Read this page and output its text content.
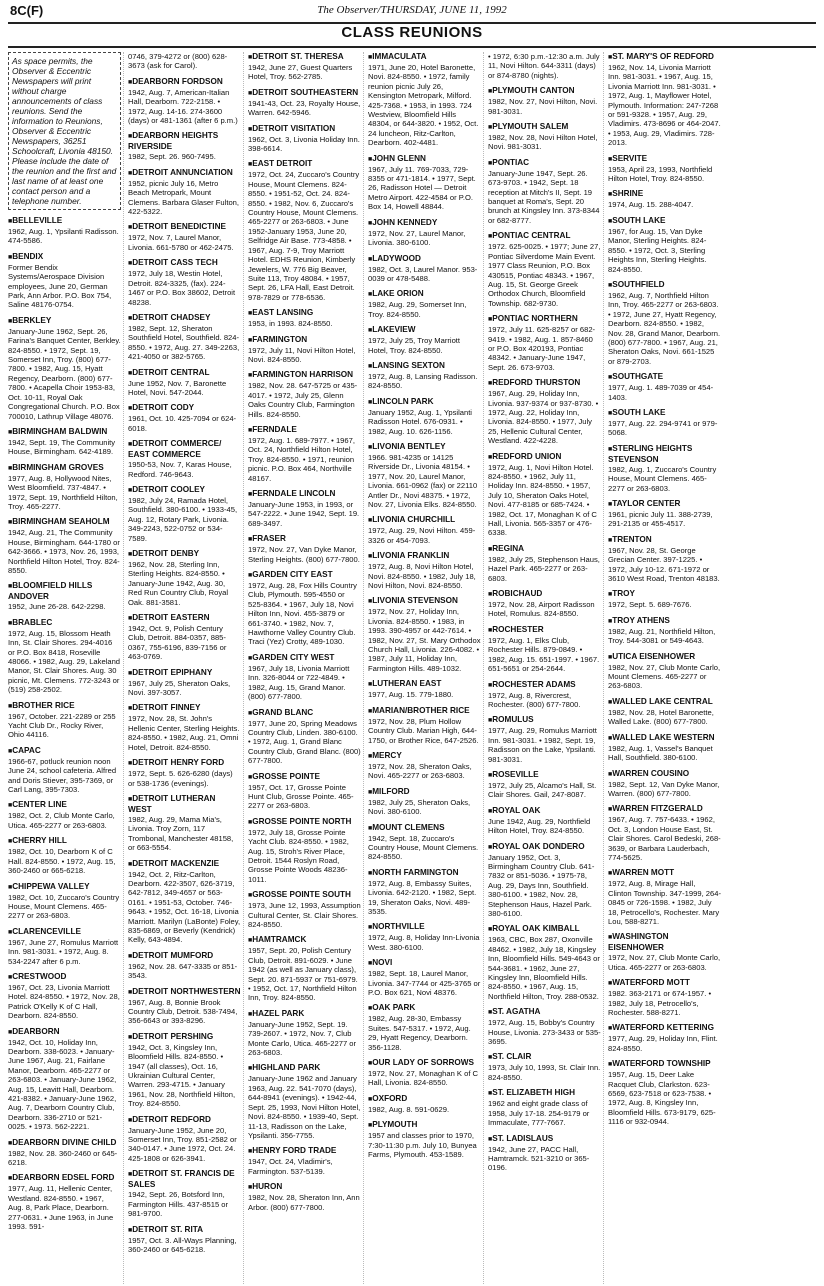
8C(F)	The Observer/THURSDAY, JUNE 11, 1992
CLASS REUNIONS
As space permits, the Observer & Eccentric Newspapers will print without charge announcements of class reunions. Send the information to Reunions, Observer & Eccentric Newspapers, 36251 Schoolcraft, Livonia 48150. Please include the date of the reunion and the first and last name of at least one contact person and a telephone number.
■ BELLEVILLE
1962, Aug. 1, Ypsilanti Radisson. 474-5586.
■ BENDIX
Former Bendix Systems/Aerospace Division employees, June 20, German Park, Ann Arbor. P.O. Box 754, Saline 48176-0754.
■ BERKLEY
January-June 1962, Sept. 26, Farina's Banquet Center, Berkley. 824-8550. • 1972, Sept. 19, Somerset Inn, Troy. (800) 677-7800. • 1982, Aug. 15, Hyatt Regency, Dearborn. (800) 677-7800. • Acapella Choir 1953-83, Oct. 10-11, Royal Oak Congregational Church. P.O. Box 700010, Lathrup Village 48076.
■ BIRMINGHAM BALDWIN
1942, Sept. 19, The Community House, Birmingham. 642-4189.
■ BIRMINGHAM GROVES
1977, Aug. 8, Hollywood Nites, West Bloomfield. 737-4847. • 1972, Sept. 19, Northfield Hilton, Troy. 465-2277.
■ BIRMINGHAM SEAHOLM
1942, Aug. 21, The Community House, Birmingham. 644-1780 or 642-3666. • 1973, Nov. 26, 1993, Northfield Hilton Hotel, Troy. 824-8550.
■ BLOOMFIELD HILLS ANDOVER
1952, June 26-28. 642-2298.
■ BRABLEC
1972, Aug. 15, Blossom Heath Inn, St. Clair Shores. 294-4016 or P.O. Box 8418, Roseville 48066. • 1982, Aug. 29, Lakeland Manor, St. Clair Shores. Aug. 30 picnic, Mt. Clemens. 772-3243 or (519) 258-2502.
■ BROTHER RICE
1967, October. 221-2289 or 255 Yacht Club Dr., Rocky River, Ohio 44116.
■ CAPAC
1966-67, potluck reunion noon June 24, school cafeteria. Alfred and Doris Stiever, 395-7369, or Carl Lang, 395-7303.
■ CENTER LINE
1982, Oct. 2, Club Monte Carlo, Utica. 465-2277 or 263-6803.
■ CHERRY HILL
1982, Oct. 10, Dearborn K of C Hall. 824-8550. • 1972, Aug. 15, 360-2460 or 665-6218.
■ CHIPPEWA VALLEY
1982, Oct. 10, Zuccaro's Country House, Mount Clemens. 465-2277 or 263-6803.
■ CLARENCEVILLE
1967, June 27, Romulus Marriott Inn. 981-3031. • 1972, Aug. 8. 534-2247 after 6 p.m.
■ CRESTWOOD
1967, Oct. 23, Livonia Marriott Hotel. 824-8550. • 1972, Nov. 28, Patrick O'Kelly K of C Hall, Dearborn. 824-8550.
■ DEARBORN
1942, Oct. 10, Holiday Inn, Dearborn. 338-6023. • January-June 1967, Aug. 21, Fairlane Manor, Dearborn. 465-2277 or 263-6803. • January-June 1962, Aug. 15, Leavitt Hall, Dearborn. 421-8382. • January-June 1962, Aug. 7, Dearborn Country Club, Dearborn. 336-2710 or 521-0025. • 1973. 562-2221.
■ DEARBORN DIVINE CHILD
1982, Nov. 28. 360-2460 or 645-6218.
■ DEARBORN EDSEL FORD
1977, Aug. 11, Hellenic Center, Westland. 824-8550. • 1967, Aug. 8, Park Place, Dearborn. 277-0631. • June 1963, in June 1993. 591-
0746, 379-4272 or (800) 628-3673 (ask for Carol).
■ DEARBORN FORDSON
1942, Aug. 7, American-Italian Hall, Dearborn. 722-2158. • 1972, Aug. 14-16. 274-3600 (days) or 481-1361 (after 6 p.m.)
■ DEARBORN HEIGHTS RIVERSIDE
1982, Sept. 26. 960-7495.
■ DETROIT ANNUNCIATION
1952, picnic July 16, Metro Beach Metropark, Mount Clemens. Barbara Glaser Fulton, 422-5322.
■ DETROIT BENEDICTINE
1972, Nov. 7, Laurel Manor, Livonia. 661-5780 or 462-2475.
■ DETROIT CASS TECH
1972, July 18, Westin Hotel, Detroit. 824-3325, (fax). 224-1467 or P.O. Box 38602, Detroit 48238.
■ DETROIT CHADSEY
1982, Sept. 12, Sheraton Southfield Hotel, Southfield. 824-8550. • 1972, Aug. 27. 349-2263, 421-4050 or 382-5765.
■ DETROIT CENTRAL
June 1952, Nov. 7, Baronette Hotel, Novi. 547-2044.
■ DETROIT CODY
1961, Oct. 10. 425-7094 or 624-6018.
■ DETROIT COMMERCE/ EAST COMMERCE
1950-53, Nov. 7, Karas House, Redford. 746-9643.
■ DETROIT COOLEY
1982, July 24, Ramada Hotel, Southfield. 380-6100. • 1933-45, Aug. 12, Rotary Park, Livonia. 349-2243, 522-0752 or 534-7589.
■ DETROIT DENBY
1962, Nov. 28, Sterling Inn, Sterling Heights. 824-8550. • January-June 1942, Aug. 30, Red Run Country Club, Royal Oak. 881-3581.
■ DETROIT EASTERN
1942, Oct. 9, Polish Century Club, Detroit. 884-0357, 885-0367, 755-6196, 839-7156 or 463-0769.
■ DETROIT EPIPHANY
1967, July 25, Sheraton Oaks, Novi. 397-3057.
■ DETROIT FINNEY
1972, Nov. 28, St. John's Hellenic Center, Sterling Heights. 824-8550. • 1982, Aug. 21, Omni Hotel, Detroit. 824-8550.
■ DETROIT HENRY FORD
1972, Sept. 5. 626-6280 (days) or 538-1736 (evenings).
■ DETROIT LUTHERAN WEST
1982, Aug. 29, Mama Mia's, Livonia. Troy Zorn, 117 Trombonal, Manchester 48158, or 663-5554.
■ DETROIT MACKENZIE
1942, Oct. 2, Ritz-Carlton, Dearborn. 422-3507, 626-3719, 642-7812, 349-4657 or 563-0161. • 1951-53, October. 746-9643. • 1952, Oct. 16-18, Livonia Marriott. Marilyn (LaBonte) Foley, 835-6869, or Beverly (Kendrick) Kelly, 643-4894.
■ DETROIT MUMFORD
1962, Nov. 28. 647-3335 or 851-3543.
■ DETROIT NORTHWESTERN
1967, Aug. 8, Bonnie Brook Country Club, Detroit. 538-7494, 356-6643 or 393-8296.
■ DETROIT PERSHING
1942, Oct. 3, Kingsley Inn, Bloomfield Hills. 824-8550. • 1947 (all classes), Oct. 16, Ukrainian Cultural Center, Warren. 293-4715. • January 1961, Nov. 28, Northfield Hilton, Troy. 824-8550.
■ DETROIT REDFORD
January-June 1952, June 20, Somerset Inn, Troy. 851-2582 or 340-0147. • June 1972, Oct. 24. 425-1808 or 626-3941.
■ DETROIT ST. FRANCIS DE SALES
1942, Sept. 26, Botsford Inn, Farmington Hills. 437-8515 or 981-9700.
■ DETROIT ST. RITA
1957, Oct. 3. All-Ways Planning, 360-2460 or 645-6218.
■ DETROIT ST. THERESA
1942, June 27, Guest Quarters Hotel, Troy. 562-2785.
■ DETROIT SOUTHEASTERN
1941-43, Oct. 23, Royalty House, Warren. 642-5946.
■ DETROIT VISITATION
1962, Oct. 3, Livonia Holiday Inn. 398-6614.
■ EAST DETROIT
1972, Oct. 24, Zuccaro's Country House, Mount Clemens. 824-8550. • 1951-52, Oct. 24. 824-8550. • 1982, Nov. 6, Zuccaro's Country House, Mount Clemens. 465-2277 or 263-6803. • June 1952-January 1953, June 20, Selfridge Air Base. 773-4858. • 1967, Aug. 7-9, Troy Marriott Hotel. EDHS Reunion, Kimberly Jewelers, W. 776 Big Beaver, Suite 113, Troy 48084. • 1957, Sept. 26, LFA Hall, East Detroit. 978-7829 or 778-6536.
■ EAST LANSING
1953, in 1993. 824-8550.
■ FARMINGTON
1972, July 11, Novi Hilton Hotel, Novi. 824-8550.
■ FARMINGTON HARRISON
1982, Nov. 28. 647-5725 or 435-4017. • 1972, July 25, Glenn Oaks Country Club, Farmington Hills. 824-8550.
■ FERNDALE
1972, Aug. 1. 689-7977. • 1967, Oct. 24, Northfield Hilton Hotel, Troy. 824-8550. • 1971, reunion picnic. P.O. Box 464, Northville 48167.
■ FERNDALE LINCOLN
January-June 1953, in 1993, or 547-2222. • June 1942, Sept. 19. 689-3497.
■ FRASER
1972, Nov. 27, Van Dyke Manor, Sterling Heights. (800) 677-7800.
■ GARDEN CITY EAST
1972, Aug. 28, Fox Hills Country Club, Plymouth. 595-4550 or 525-8364. • 1967, July 18, Novi Hilton Inn, Novi. 455-3879 or 661-3740. • 1982, Nov. 7, Hawthorne Valley Country Club. Traci (Yez) Crotty, 489-1030.
■ GARDEN CITY WEST
1967, July 18, Livonia Marriott Inn. 326-8044 or 722-4849. • 1982, Aug. 15, Grand Manor. (800) 677-7800.
■ GRAND BLANC
1977, June 20, Spring Meadows Country Club, Linden. 380-6100. • 1972, Aug. 1, Grand Blanc Country Club, Grand Blanc. (800) 677-7800.
■ GROSSE POINTE
1957, Oct. 17, Grosse Pointe Hunt Club, Grosse Pointe. 465-2277 or 263-6803.
■ GROSSE POINTE NORTH
1972, July 18, Grosse Pointe Yacht Club. 824-8550. • 1982, Aug. 15, Stroh's River Place, Detroit. 1544 Roslyn Road, Grosse Pointe Woods 48236-1011.
■ GROSSE POINTE SOUTH
1973, June 12, 1993, Assumption Cultural Center, St. Clair Shores. 824-8550.
■ HAMTRAMCK
1957, Sept. 20, Polish Century Club, Detroit. 891-6029. • June 1942 (as well as January class), Sept. 20. 871-5937 or 751-6979. • 1952, Oct. 17, Northfield Hilton Inn, Troy. 824-8550.
■ HAZEL PARK
January-June 1952, Sept. 19. 739-2607. • 1972, Nov. 7, Club Monte Carlo, Utica. 465-2277 or 263-6803.
■ HIGHLAND PARK
January-June 1962 and January 1963, Aug. 22. 541-7070 (days), 644-8941 (evenings). • 1942-44, Sept. 25, 1993, Novi Hilton Hotel, Novi. 824-8550. • 1939-40, Sept. 11-13, Radisson on the Lake, Ypsilanti. 356-7755.
■ HENRY FORD TRADE
1947, Oct. 24, Vladimir's, Farmington. 537-5139.
■ HURON
1982, Nov. 28, Sheraton Inn, Ann Arbor. (800) 677-7800.
■ IMMACULATA
1971, June 20, Hotel Baronette, Novi. 824-8550. • 1972, family reunion picnic July 26, Kensington Metropark, Milford. 425-7368. • 1953, in 1993. 724 Westview, Bloomfield Hills 48304, or 644-3820. • 1952, Oct. 24 luncheon, Ritz-Carlton, Dearborn. 402-4481.
■ JOHN GLENN
1967, July 11. 769-7033, 729-8355 or 471-1814. • 1977, Sept. 26, Radisson Hotel — Detroit Metro Airport. 422-4584 or P.O. Box 14, Howell 48844.
■ JOHN KENNEDY
1972, Nov. 27, Laurel Manor, Livonia. 380-6100.
■ LADYWOOD
1982, Oct. 3, Laurel Manor. 953-0039 or 478-5488.
■ LAKE ORION
1982, Aug. 29, Somerset Inn, Troy. 824-8550.
■ LAKEVIEW
1972, July 25, Troy Marriott Hotel, Troy. 824-8550.
■ LANSING SEXTON
1972, Aug. 8, Lansing Radisson. 824-8550.
■ LINCOLN PARK
January 1952, Aug. 1, Ypsilanti Radisson Hotel. 676-0931. • 1982, Aug. 10. 626-1156.
■ LIVONIA BENTLEY
1966. 981-4235 or 14125 Riverside Dr., Livonia 48154. • 1977, Nov. 20, Laurel Manor, Livonia. 661-0962 (fax) or 22110 Antler Dr., Novi 48375. • 1972, Nov. 27, Livonia Elks. 824-8550.
■ LIVONIA CHURCHILL
1972, Aug. 29, Novi Hilton. 459-3326 or 454-7093.
■ LIVONIA FRANKLIN
1972, Aug. 8, Novi Hilton Hotel, Novi. 824-8550. • 1982, July 18, Novi Hilton, Novi. 824-8550.
■ LIVONIA STEVENSON
1972, Nov. 27, Holiday Inn, Livonia. 824-8550. • 1983, in 1993. 390-4957 or 442-7614. • 1982, Nov. 27, St. Mary Orthodox Church Hall, Livonia. 226-4082. • 1987, July 11, Holiday Inn, Farmington Hills. 489-1032.
■ LUTHERAN EAST
1977, Aug. 15. 779-1880.
■ MARIAN/BROTHER RICE
1972, Nov. 28, Plum Hollow Country Club. Marian High, 644-1750, or Brother Rice, 647-2526.
■ MERCY
1972, Nov. 28, Sheraton Oaks, Novi. 465-2277 or 263-6803.
■ MILFORD
1982, July 25, Sheraton Oaks, Novi. 380-6100.
■ MOUNT CLEMENS
1942, Sept. 18, Zuccaro's Country House, Mount Clemens. 824-8550.
■ NORTH FARMINGTON
1972, Aug. 8, Embassy Suites, Livonia. 642-2120. • 1982, Sept. 19, Sheraton Oaks, Novi. 489-3535.
■ NORTHVILLE
1972, Aug. 8, Holiday Inn-Livonia West. 380-6100.
■ NOVI
1982, Sept. 18, Laurel Manor, Livonia. 347-7744 or 425-3765 or P.O. Box 621, Novi 48376.
■ OAK PARK
1982, Aug. 28-30, Embassy Suites. 547-5317. • 1972, Aug. 29, Hyatt Regency, Dearborn. 356-1128.
■ OUR LADY OF SORROWS
1972, Nov. 27, Monaghan K of C Hall, Livonia. 824-8550.
■ OXFORD
1982, Aug. 8. 591-0629.
■ PLYMOUTH
1957 and classes prior to 1970, 7:30-11:30 p.m. July 10, Bunyea Farms, Plymouth. 453-1589.
• 1972, 6:30 p.m.-12:30 a.m. July 11, Novi Hilton. 644-3311 (days) or 874-8780 (nights).
■ PLYMOUTH CANTON
1982, Nov. 27, Novi Hilton, Novi. 981-3031.
■ PLYMOUTH SALEM
1982, Nov. 28, Novi Hilton Hotel, Novi. 981-3031.
■ PONTIAC
January-June 1947, Sept. 26. 673-9703. • 1942, Sept. 18 reception at Mitch's II, Sept. 19 banquet at Roma's, Sept. 20 brunch at Kingsley Inn. 373-8344 or 682-8777.
■ PONTIAC CENTRAL
1972. 625-0025. • 1977; June 27, Pontiac Silverdome Main Event. 1977 Class Reunion, P.O. Box 430515, Pontiac 48343. • 1967, Aug. 15, St. George Greek Orthodox Church, Bloomfield Township. 682-9730.
■ PONTIAC NORTHERN
1972, July 11. 625-8257 or 682-9419. • 1982, Aug. 1. 857-8460 or P.O. Box 420193, Pontiac 48342. • January-June 1947, Sept. 26. 673-9703.
■ REDFORD THURSTON
1967, Aug. 29, Holiday Inn, Livonia. 937-9374 or 937-8730. • 1972, Aug. 22, Holiday Inn, Livonia. 824-8550. • 1977, July 25, Hellenic Cultural Center, Westland. 422-4228.
■ REDFORD UNION
1972, Aug. 1, Novi Hilton Hotel. 824-8550. • 1962, July 11, Holiday Inn. 824-8550. • 1957, July 10, Sheraton Oaks Hotel, Novi. 477-8185 or 685-7424. • 1982, Oct. 17, Monaghan K of C Hall, Livonia. 565-3357 or 476-6338.
■ REGINA
1982, July 25, Stephenson Haus, Hazel Park. 465-2277 or 263-6803.
■ ROBICHAUD
1972, Nov. 28, Airport Radisson Hotel, Romulus. 824-8550.
■ ROCHESTER
1972, Aug. 1, Elks Club, Rochester Hills. 879-0849. • 1982, Aug. 15. 651-1997. • 1967. 651-5651 or 254-2644.
■ ROCHESTER ADAMS
1972, Aug. 8, Rivercrest, Rochester. (800) 677-7800.
■ ROMULUS
1977, Aug. 29, Romulus Marriott Inn. 981-3031. • 1982, Sept. 19, Radisson on the Lake, Ypsilanti. 981-3031.
■ ROSEVILLE
1972, July 25, Alcamo's Hall, St. Clair Shores. Gail, 247-8087.
■ ROYAL OAK
June 1942, Aug. 29, Northfield Hilton Hotel, Troy. 824-8550.
■ ROYAL OAK DONDERO
January 1952, Oct. 3, Birmingham Country Club. 641-7832 or 851-5036. • 1975-78, Aug. 29, Days Inn, Southfield. 380-6100. • 1982, Nov. 28, Stephenson Haus, Hazel Park. 380-6100.
■ ROYAL OAK KIMBALL
1963, CBC, Box 287, Oxonville 48462. • 1982, July 18, Kingsley Inn, Bloomfield Hills. 549-4643 or 544-3681. • 1962, June 27, Kingsley Inn, Bloomfield Hills. 824-8550. • 1967, Aug. 15, Northfield Hilton, Troy. 288-0532.
■ ST. AGATHA
1972, Aug. 15, Bobby's Country House, Livonia. 273-3433 or 535-3695.
■ ST. CLAIR
1973, July 10, 1993, St. Clair Inn. 824-8550.
■ ST. ELIZABETH HIGH
1962 and eight grade class of 1958, July 17-18. 254-9179 or Immaculate, 777-7667.
■ ST. LADISLAUS
1942, June 27, PACC Hall, Hamtramck. 521-3210 or 365-0196.
■ ST. MARY'S OF REDFORD
1962, Nov. 14, Livonia Marriott Inn. 981-3031. • 1967, Aug. 15, Livonia Marriott Inn. 981-3031. • 1972, Aug. 1, Mayflower Hotel, Plymouth. Information: 247-7268 or 591-9328. • 1957, Aug. 29, Vladimirs. 473-8696 or 464-2047. • 1953, Aug. 29, Vladimirs. 728-2013.
■ SERVITE
1953, April 23, 1993, Northfield Hilton Hotel, Troy. 824-8550.
■ SHRINE
1974, Aug. 15. 288-4047.
■ SOUTH LAKE
1967, for Aug. 15, Van Dyke Manor, Sterling Heights. 824-8550. • 1972, Oct. 3, Sterling Heights Inn, Sterling Heights. 824-8550.
■ SOUTHFIELD
1962, Aug. 7, Northfield Hilton Inn, Troy. 465-2277 or 263-6803. • 1972, June 27, Hyatt Regency, Dearborn. 824-8550. • 1982, Nov. 28, Grand Manor, Dearborn. (800) 677-7800. • 1967, Aug. 21, Sheraton Oaks, Novi. 661-1525 or 879-2703.
■ SOUTHGATE
1977, Aug. 1. 489-7039 or 454-1403.
■ SOUTH LAKE
1977, Aug. 22. 294-9741 or 979-5068.
■ STERLING HEIGHTS STEVENSON
1982, Aug. 1, Zuccaro's Country House, Mount Clemens. 465-2277 or 263-6803.
■ TAYLOR CENTER
1961, picnic July 11. 388-2739, 291-2135 or 455-4517.
■ TRENTON
1967, Nov. 28, St. George Grecian Center. 397-1225. • 1972, July 10-12. 671-1972 or 3610 West Road, Trenton 48183.
■ TROY
1972, Sept. 5. 689-7676.
■ TROY ATHENS
1982, Aug. 21, Northfield Hilton, Troy. 544-3081 or 549-4643.
■ UTICA EISENHOWER
1982, Nov. 27, Club Monte Carlo, Mount Clemens. 465-2277 or 263-6803.
■ WALLED LAKE CENTRAL
1982, Nov. 28, Hotel Baronette, Walled Lake. (800) 677-7800.
■ WALLED LAKE WESTERN
1982, Aug. 1, Vassel's Banquet Hall, Southfield. 380-6100.
■ WARREN COUSINO
1982, Sept. 12, Van Dyke Manor, Warren. (800) 677-7800.
■ WARREN FITZGERALD
1967, Aug. 7. 757-6433. • 1962, Oct. 3, London House East, St. Clair Shores. Carol Bedeski, 268-3639, or Barbara Lauderbach, 774-5625.
■ WARREN MOTT
1972, Aug. 8, Mirage Hall, Clinton Township. 347-1999, 264-0845 or 726-1598. • 1982, July 18, Petrocello's, Rochester. Mary Lou, 588-8271.
■ WASHINGTON EISENHOWER
1972, Nov. 27, Club Monte Carlo, Utica. 465-2277 or 263-6803.
■ WATERFORD MOTT
1982. 363-2171 or 674-1957. • 1982, July 18, Petrocello's, Rochester. 588-8271.
■ WATERFORD KETTERING
1977, Aug. 29, Holiday Inn, Flint. 824-8550.
■ WATERFORD TOWNSHIP
1957, Aug. 15, Deer Lake Racquet Club, Clarkston. 623-6569, 623-7518 or 623-7538. • 1972, Aug. 8, Kingsley Inn, Bloomfield Hills. 673-9179, 625-1116 or 932-0944.
